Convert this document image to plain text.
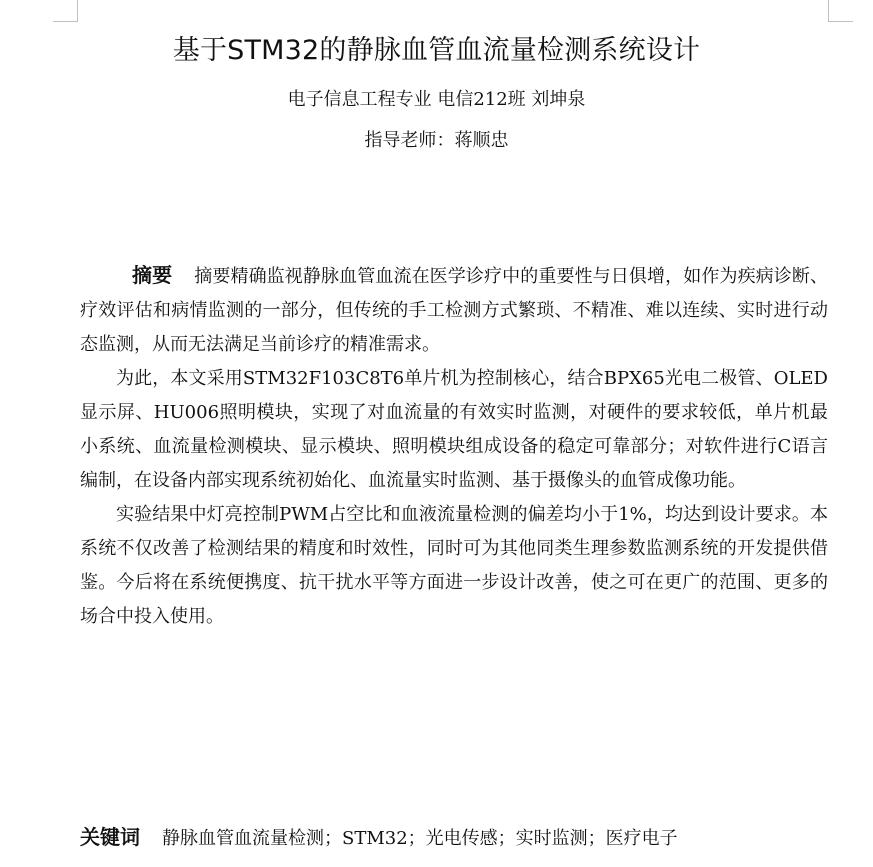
基于STM32的静脉血管血流量检测系统设计
电子信息工程专业 电信212班 刘坤泉
指导老师：蒋顺忠

摘要 摘要精确监视静脉血管血流在医学诊疗中的重要性与日俱增，如作为疾病诊断、疗效评估和病情监测的一部分，但传统的手工检测方式繁琐、不精准、难以连续、实时进行动态监测，从而无法满足当前诊疗的精准需求。

为此，本文采用STM32F103C8T6单片机为控制核心，结合BPX65光电二极管、OLED显示屏、HU006照明模块，实现了对血流量的有效实时监测，对硬件的要求较低，单片机最小系统、血流量检测模块、显示模块、照明模块组成设备的稳定可靠部分；对软件进行C语言编制，在设备内部实现系统初始化、血流量实时监测、基于摄像头的血管成像功能。

实验结果中灯亮控制PWM占空比和血液流量检测的偏差均小于1%，均达到设计要求。本系统不仅改善了检测结果的精度和时效性，同时可为其他同类生理参数监测系统的开发提供借鉴。今后将在系统便携度、抗干扰水平等方面进一步设计改善，使之可在更广的范围、更多的场合中投入使用。

关键词 静脉血管血流量检测；STM32；光电传感；实时监测；医疗电子
